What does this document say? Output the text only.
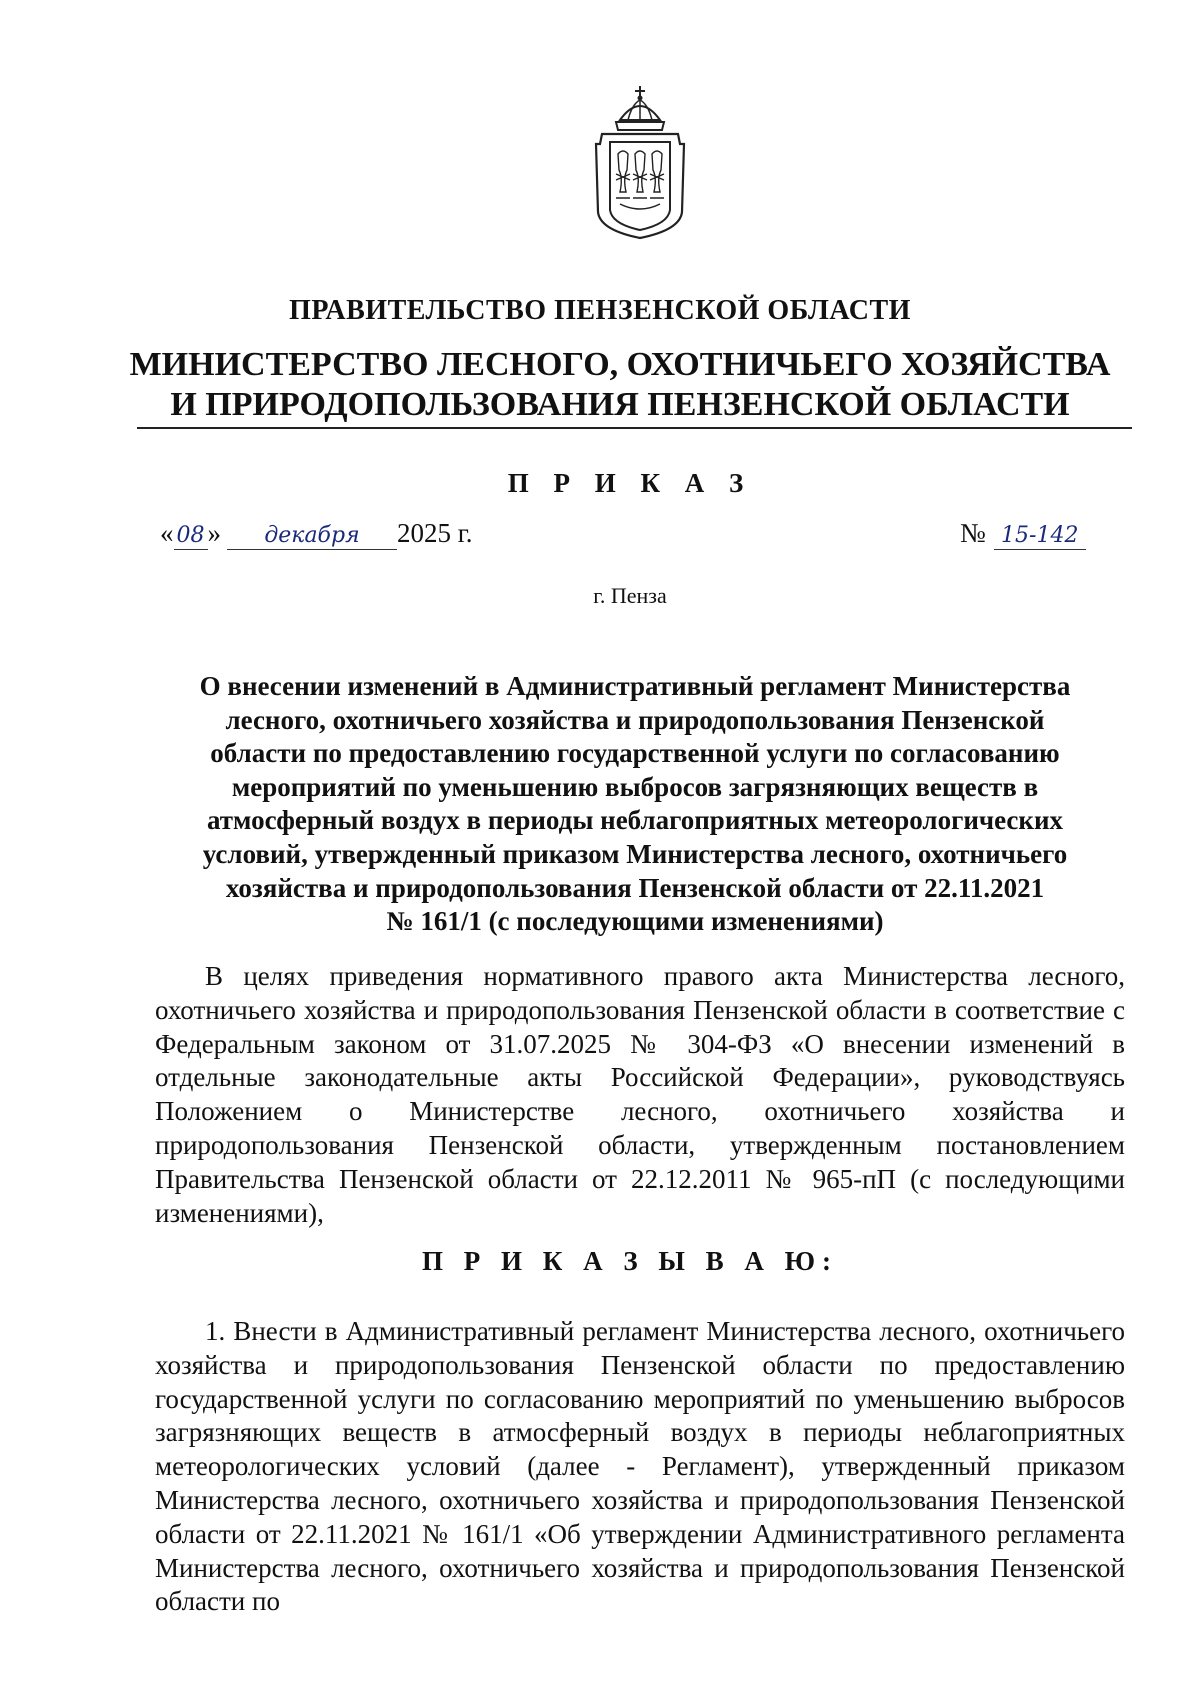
ПРАВИТЕЛЬСТВО ПЕНЗЕНСКОЙ ОБЛАСТИ
МИНИСТЕРСТВО ЛЕСНОГО, ОХОТНИЧЬЕГО ХОЗЯЙСТВА
И ПРИРОДОПОЛЬЗОВАНИЯ ПЕНЗЕНСКОЙ ОБЛАСТИ
П Р И К А З
« 08 » декабря 2025 г.	№ 15-142
г. Пенза
О внесении изменений в Административный регламент Министерства
лесного, охотничьего хозяйства и природопользования Пензенской
области по предоставлению государственной услуги по согласованию
мероприятий по уменьшению выбросов загрязняющих веществ в
атмосферный воздух в периоды неблагоприятных метеорологических
условий, утвержденный приказом Министерства лесного, охотничьего
хозяйства и природопользования Пензенской области от 22.11.2021
№ 161/1 (с последующими изменениями)

В целях приведения нормативного правого акта Министерства лесного, охотничьего хозяйства и природопользования Пензенской области в соответствие с Федеральным законом от 31.07.2025 № 304-ФЗ «О внесении изменений в отдельные законодательные акты Российской Федерации», руководствуясь Положением о Министерстве лесного, охотничьего хозяйства и природопользования Пензенской области, утвержденным постановлением Правительства Пензенской области от 22.12.2011 № 965-пП (с последующими изменениями),

П Р И К А З Ы В А Ю:

1. Внести в Административный регламент Министерства лесного, охотничьего хозяйства и природопользования Пензенской области по предоставлению государственной услуги по согласованию мероприятий по уменьшению выбросов загрязняющих веществ в атмосферный воздух в периоды неблагоприятных метеорологических условий (далее - Регламент), утвержденный приказом Министерства лесного, охотничьего хозяйства и природопользования Пензенской области от 22.11.2021 № 161/1 «Об утверждении Административного регламента Министерства лесного, охотничьего хозяйства и природопользования Пензенской области по
